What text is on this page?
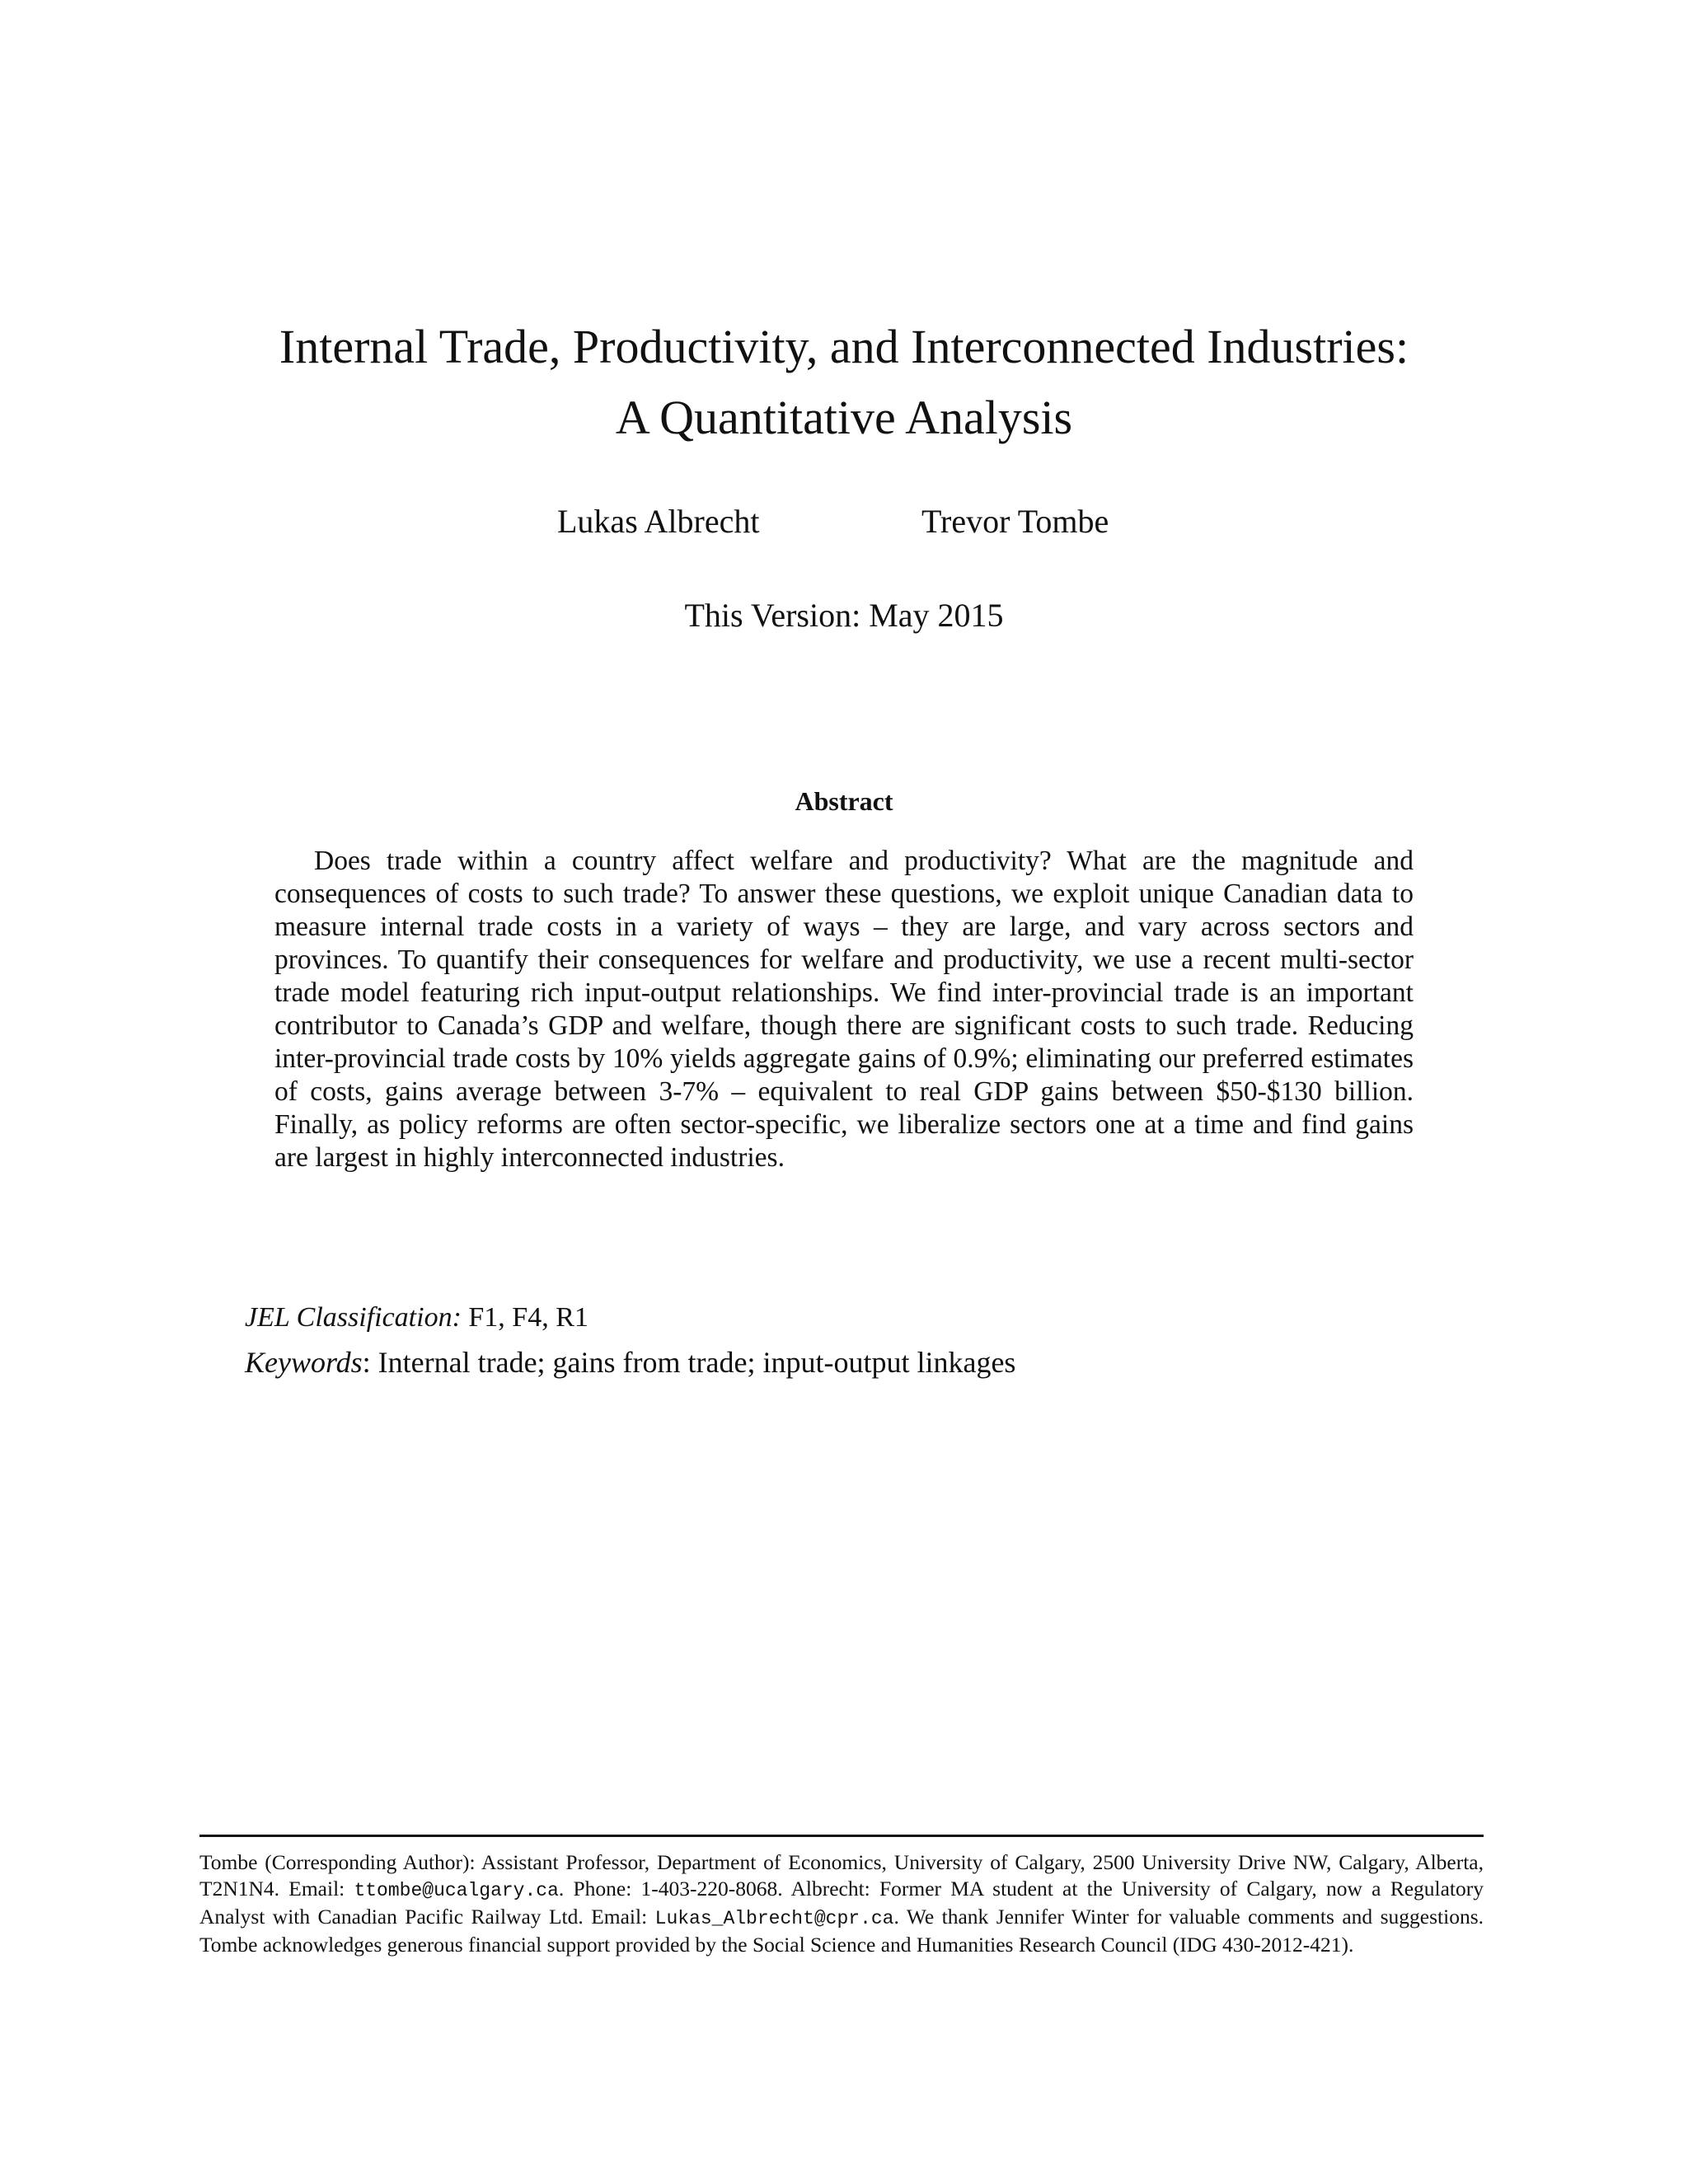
Internal Trade, Productivity, and Interconnected Industries:
A Quantitative Analysis
Lukas Albrecht	Trevor Tombe
This Version: May 2015
Abstract

Does trade within a country affect welfare and productivity? What are the magnitude and consequences of costs to such trade? To answer these questions, we exploit unique Canadian data to measure internal trade costs in a variety of ways – they are large, and vary across sectors and provinces. To quantify their consequences for welfare and productivity, we use a recent multi-sector trade model featuring rich input-output relationships. We find inter-provincial trade is an important contributor to Canada’s GDP and welfare, though there are significant costs to such trade. Reducing inter-provincial trade costs by 10% yields aggregate gains of 0.9%; eliminating our preferred estimates of costs, gains average between 3-7% – equivalent to real GDP gains between $50-$130 billion. Finally, as policy reforms are often sector-specific, we liberalize sectors one at a time and find gains are largest in highly interconnected industries.

JEL Classification: F1, F4, R1
Keywords: Internal trade; gains from trade; input-output linkages

Tombe (Corresponding Author): Assistant Professor, Department of Economics, University of Calgary, 2500 University Drive NW, Calgary, Alberta, T2N1N4. Email: ttombe@ucalgary.ca. Phone: 1-403-220-8068. Albrecht: Former MA student at the University of Calgary, now a Regulatory Analyst with Canadian Pacific Railway Ltd. Email: Lukas_Albrecht@cpr.ca. We thank Jennifer Winter for valuable comments and suggestions. Tombe acknowledges generous financial support provided by the Social Science and Humanities Research Council (IDG 430-2012-421).
